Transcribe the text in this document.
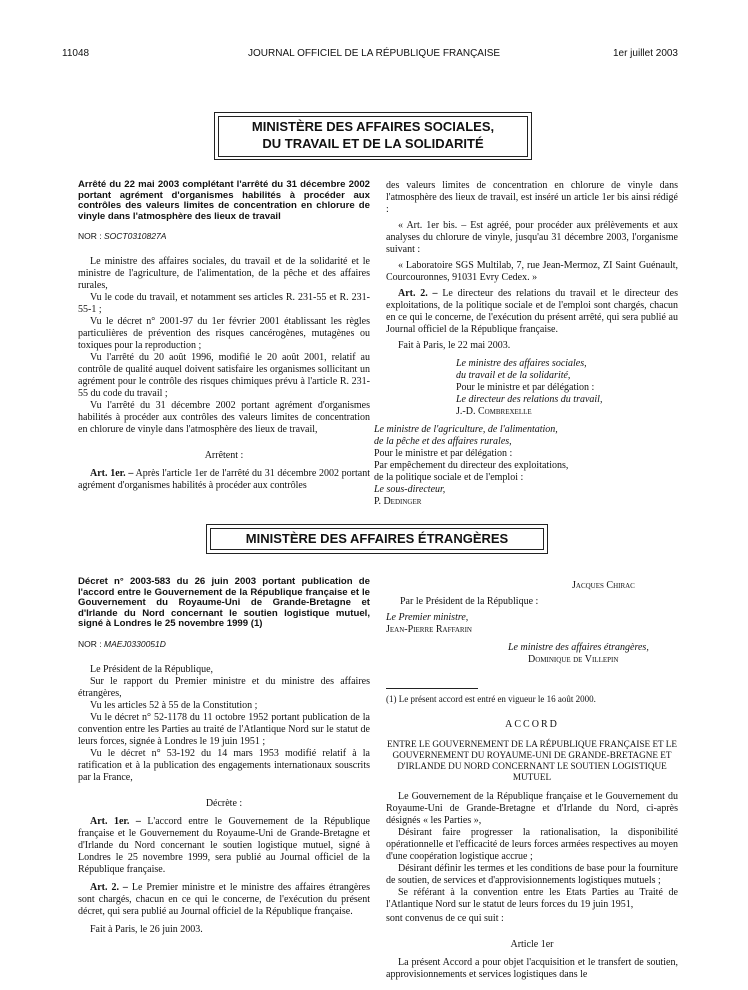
11048	JOURNAL OFFICIEL DE LA RÉPUBLIQUE FRANÇAISE	1er juillet 2003
MINISTÈRE DES AFFAIRES SOCIALES,
DU TRAVAIL ET DE LA SOLIDARITÉ

Arrêté du 22 mai 2003 complétant l'arrêté du 31 décembre 2002 portant agrément d'organismes habilités à procéder aux contrôles des valeurs limites de concentration en chlorure de vinyle dans l'atmosphère des lieux de travail

NOR : SOCT0310827A

Le ministre des affaires sociales, du travail et de la solidarité et le ministre de l'agriculture, de l'alimentation, de la pêche et des affaires rurales,

Vu le code du travail, et notamment ses articles R. 231-55 et R. 231-55-1 ;

Vu le décret n° 2001-97 du 1er février 2001 établissant les règles particulières de prévention des risques cancérogènes, mutagènes ou toxiques pour la reproduction ;

Vu l'arrêté du 20 août 1996, modifié le 20 août 2001, relatif au contrôle de qualité auquel doivent satisfaire les organismes sollicitant un agrément pour le contrôle des risques chimiques prévu à l'article R. 231-55 du code du travail ;

Vu l'arrêté du 31 décembre 2002 portant agrément d'organismes habilités à procéder aux contrôles des valeurs limites de concentration en chlorure de vinyle dans l'atmosphère des lieux de travail,

Arrêtent :

Art. 1er. – Après l'article 1er de l'arrêté du 31 décembre 2002 portant agrément d'organismes habilités à procéder aux contrôles

des valeurs limites de concentration en chlorure de vinyle dans l'atmosphère des lieux de travail, est inséré un article 1er bis ainsi rédigé :

« Art. 1er bis. – Est agréé, pour procéder aux prélèvements et aux analyses du chlorure de vinyle, jusqu'au 31 décembre 2003, l'organisme suivant :

« Laboratoire SGS Multilab, 7, rue Jean-Mermoz, ZI Saint Guénault, Courcouronnes, 91031 Evry Cedex. »

Art. 2. – Le directeur des relations du travail et le directeur des exploitations, de la politique sociale et de l'emploi sont chargés, chacun en ce qui le concerne, de l'exécution du présent arrêté, qui sera publié au Journal officiel de la République française.

Fait à Paris, le 22 mai 2003.

Le ministre des affaires sociales,

du travail et de la solidarité,

Pour le ministre et par délégation :

Le directeur des relations du travail,

J.-D. Combrexelle

Le ministre de l'agriculture, de l'alimentation,

de la pêche et des affaires rurales,

Pour le ministre et par délégation :

Par empêchement du directeur des exploitations,

de la politique sociale et de l'emploi :

Le sous-directeur,

P. Dedinger

MINISTÈRE DES AFFAIRES ÉTRANGÈRES

Décret n° 2003-583 du 26 juin 2003 portant publication de l'accord entre le Gouvernement de la République française et le Gouvernement du Royaume-Uni de Grande-Bretagne et d'Irlande du Nord concernant le soutien logistique mutuel, signé à Londres le 25 novembre 1999 (1)

NOR : MAEJ0330051D

Le Président de la République,

Sur le rapport du Premier ministre et du ministre des affaires étrangères,

Vu les articles 52 à 55 de la Constitution ;

Vu le décret n° 52-1178 du 11 octobre 1952 portant publication de la convention entre les Parties au traité de l'Atlantique Nord sur le statut de leurs forces, signée à Londres le 19 juin 1951 ;

Vu le décret n° 53-192 du 14 mars 1953 modifié relatif à la ratification et à la publication des engagements internationaux souscrits par la France,

Décrète :

Art. 1er. – L'accord entre le Gouvernement de la République française et le Gouvernement du Royaume-Uni de Grande-Bretagne et d'Irlande du Nord concernant le soutien logistique mutuel, signé à Londres le 25 novembre 1999, sera publié au Journal officiel de la République française.

Art. 2. – Le Premier ministre et le ministre des affaires étrangères sont chargés, chacun en ce qui le concerne, de l'exécution du présent décret, qui sera publié au Journal officiel de la République française.

Fait à Paris, le 26 juin 2003.

Jacques Chirac

Par le Président de la République :

Le Premier ministre,

Jean-Pierre Raffarin

Le ministre des affaires étrangères,

Dominique de Villepin

(1) Le présent accord est entré en vigueur le 16 août 2000.

ACCORD

ENTRE LE GOUVERNEMENT DE LA RÉPUBLIQUE FRANÇAISE ET LE GOUVERNEMENT DU ROYAUME-UNI DE GRANDE-BRETAGNE ET D'IRLANDE DU NORD CONCERNANT LE SOUTIEN LOGISTIQUE MUTUEL

Le Gouvernement de la République française et le Gouvernement du Royaume-Uni de Grande-Bretagne et d'Irlande du Nord, ci-après désignés « les Parties »,

Désirant faire progresser la rationalisation, la disponibilité opérationnelle et l'efficacité de leurs forces armées respectives au moyen d'une coopération logistique accrue ;

Désirant définir les termes et les conditions de base pour la fourniture de soutien, de services et d'approvisionnements logistiques mutuels ;

Se référant à la convention entre les Etats Parties au Traité de l'Atlantique Nord sur le statut de leurs forces du 19 juin 1951,

sont convenus de ce qui suit :

Article 1er

La présent Accord a pour objet l'acquisition et le transfert de soutien, approvisionnements et services logistiques dans le
